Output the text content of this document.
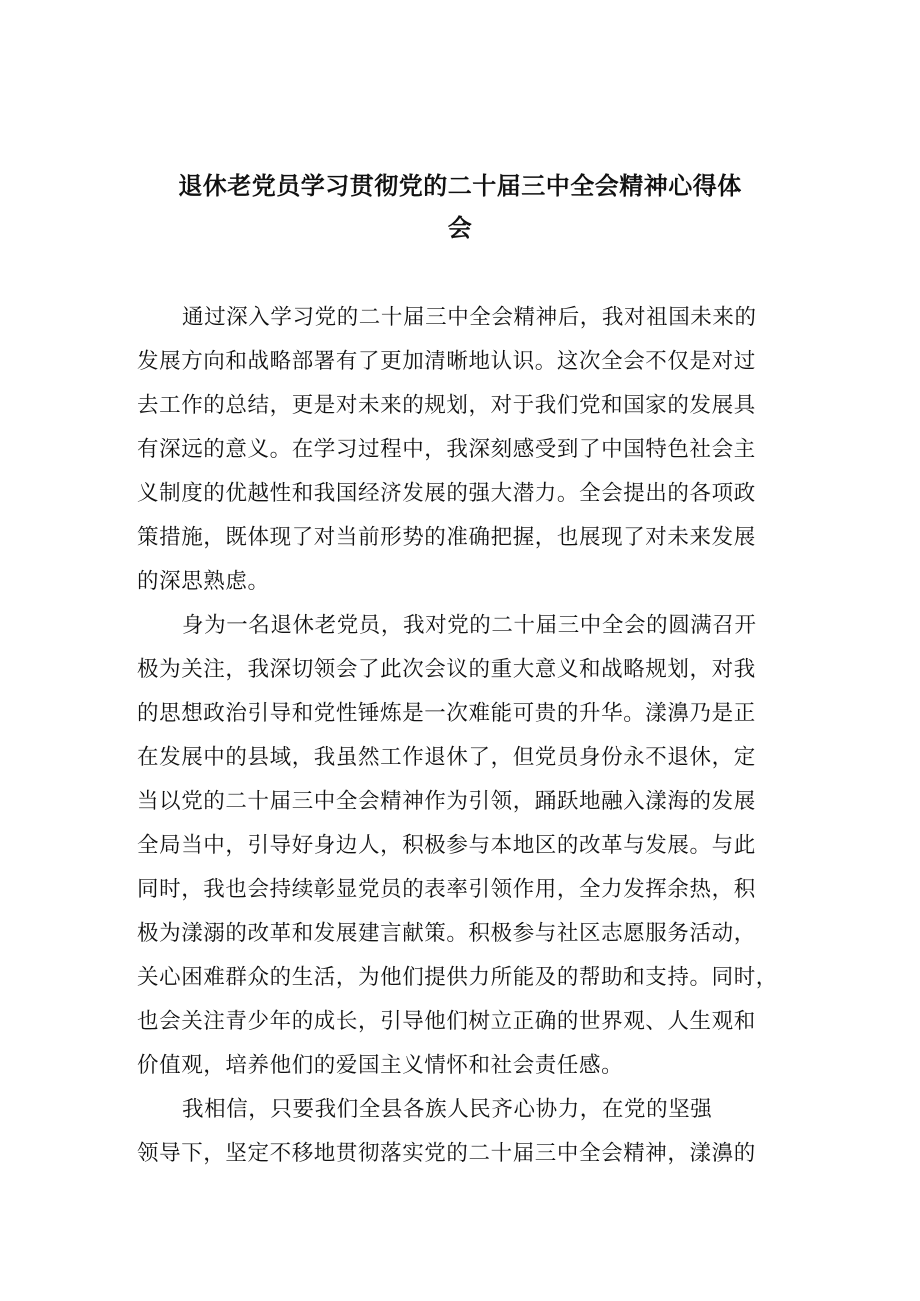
退休老党员学习贯彻党的二十届三中全会精神心得体
会
通过深入学习党的二十届三中全会精神后，我对祖国未来的
发展方向和战略部署有了更加清晰地认识。这次全会不仅是对过
去工作的总结，更是对未来的规划，对于我们党和国家的发展具
有深远的意义。在学习过程中，我深刻感受到了中国特色社会主
义制度的优越性和我国经济发展的强大潜力。全会提出的各项政
策措施，既体现了对当前形势的准确把握，也展现了对未来发展
的深思熟虑。
身为一名退休老党员，我对党的二十届三中全会的圆满召开
极为关注，我深切领会了此次会议的重大意义和战略规划，对我
的思想政治引导和党性锤炼是一次难能可贵的升华。漾濞乃是正
在发展中的县域，我虽然工作退休了，但党员身份永不退休，定
当以党的二十届三中全会精神作为引领，踊跃地融入漾海的发展
全局当中，引导好身边人，积极参与本地区的改革与发展。与此
同时，我也会持续彰显党员的表率引领作用，全力发挥余热，积
极为漾溺的改革和发展建言献策。积极参与社区志愿服务活动，
关心困难群众的生活，为他们提供力所能及的帮助和支持。同时，
也会关注青少年的成长，引导他们树立正确的世界观、人生观和
价值观，培养他们的爱国主义情怀和社会责任感。
我相信，只要我们全县各族人民齐心协力，在党的坚强
领导下，坚定不移地贯彻落实党的二十届三中全会精神，漾濞的
